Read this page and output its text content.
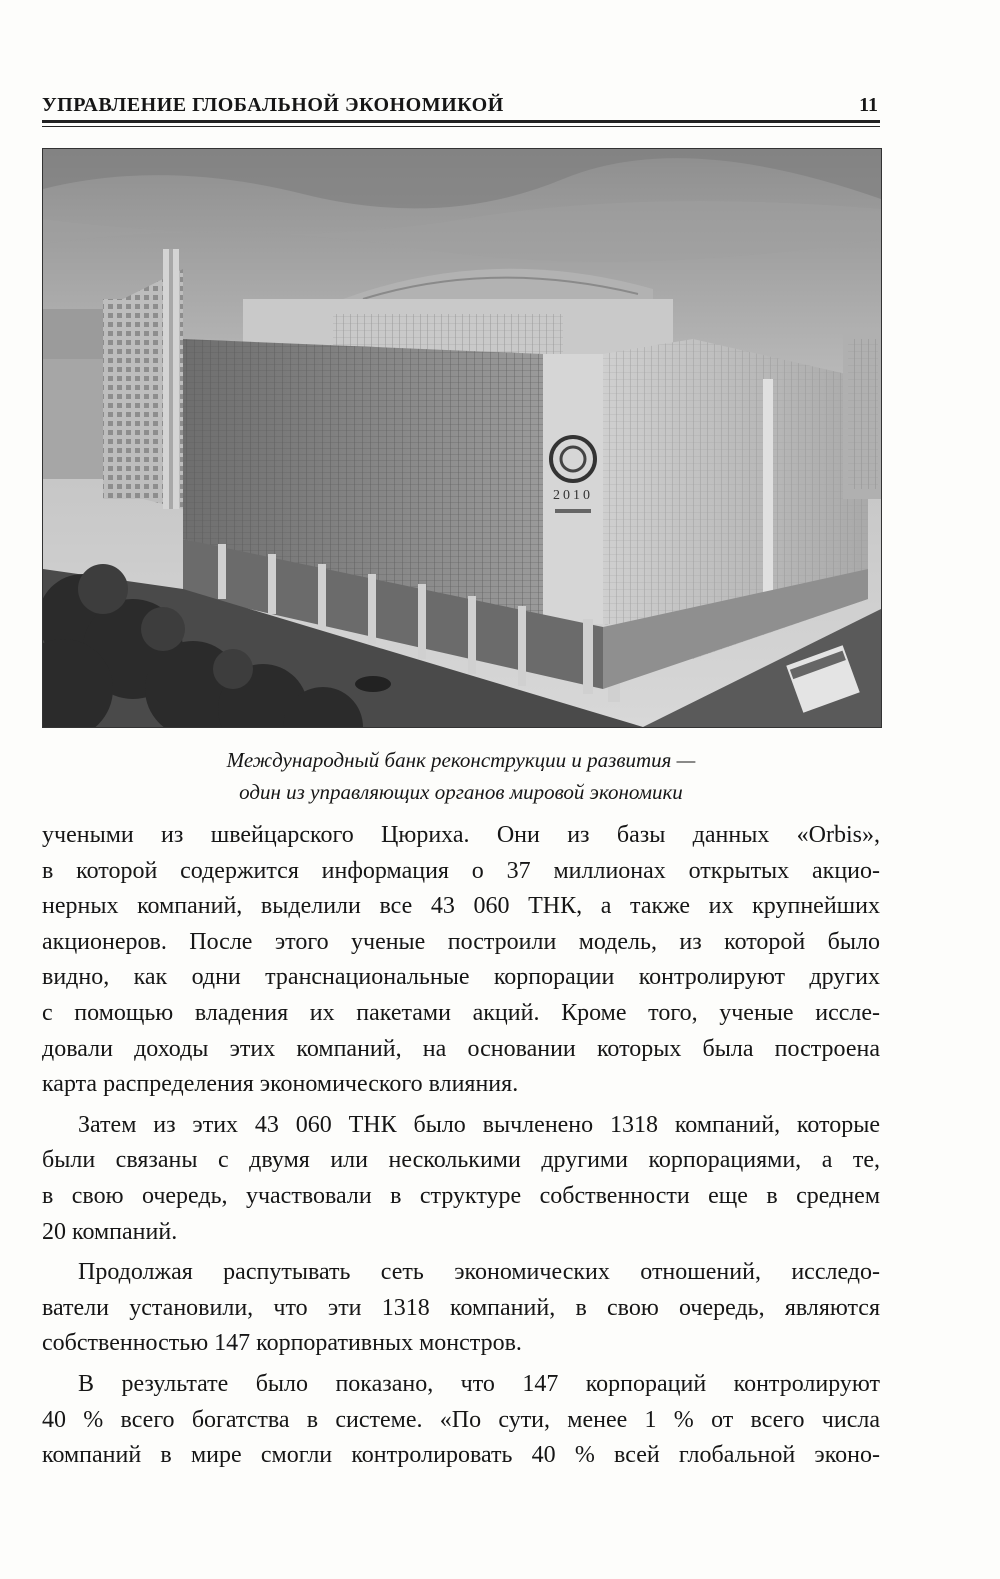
УПРАВЛЕНИЕ ГЛОБАЛЬНОЙ ЭКОНОМИКОЙ	11
2010
Международный банк реконструкции и развития —
один из управляющих органов мировой экономики
учеными из швейцарского Цюриха. Они из базы данных «Orbis»,
в которой содержится информация о 37 миллионах открытых акцио-
нерных компаний, выделили все 43 060 ТНК, а также их крупнейших
акционеров. После этого ученые построили модель, из которой было
видно, как одни транснациональные корпорации контролируют других
с помощью владения их пакетами акций. Кроме того, ученые иссле-
довали доходы этих компаний, на основании которых была построена
карта распределения экономического влияния.
Затем из этих 43 060 ТНК было вычленено 1318 компаний, которые
были связаны с двумя или несколькими другими корпорациями, а те,
в свою очередь, участвовали в структуре собственности еще в среднем
20 компаний.
Продолжая распутывать сеть экономических отношений, исследо-
ватели установили, что эти 1318 компаний, в свою очередь, являются
собственностью 147 корпоративных монстров.
В результате было показано, что 147 корпораций контролируют
40 % всего богатства в системе. «По сути, менее 1 % от всего числа
компаний в мире смогли контролировать 40 % всей глобальной эконо-
